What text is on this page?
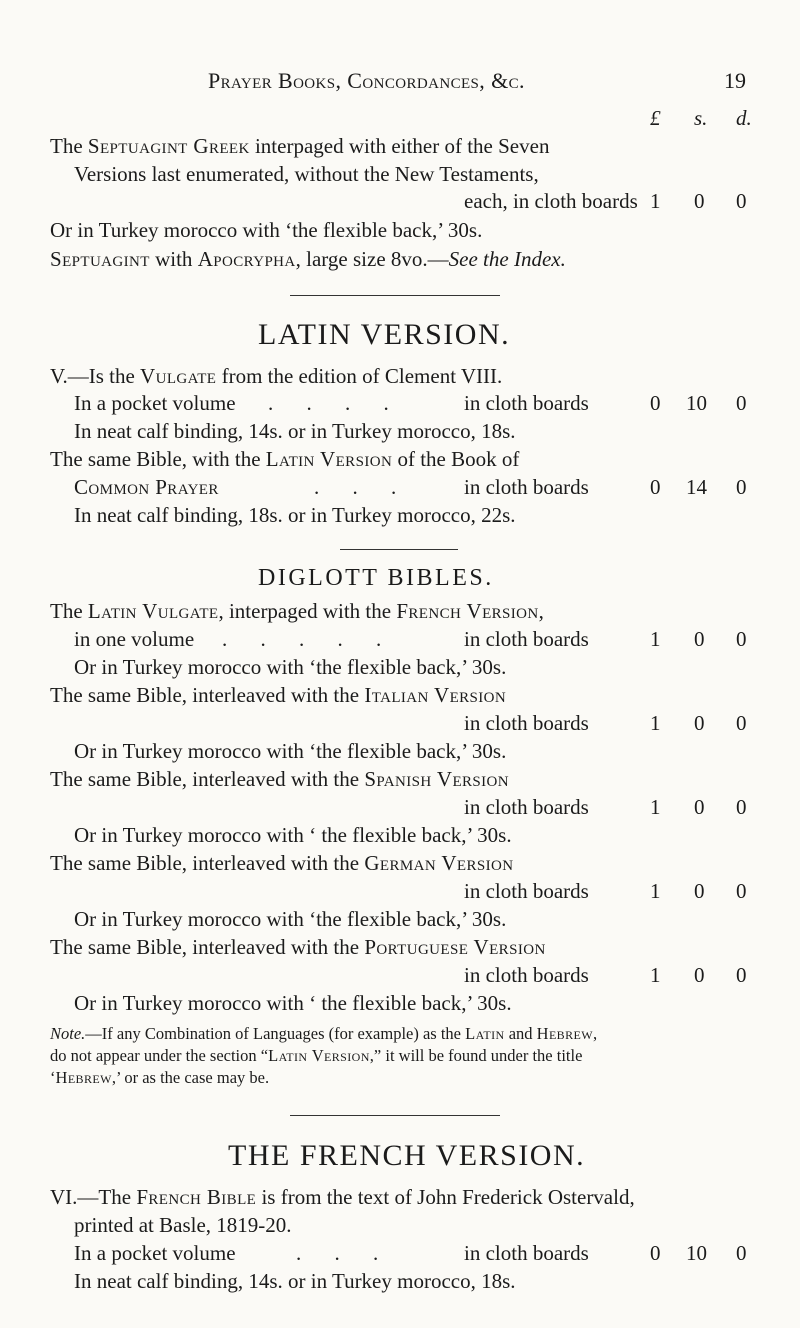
Prayer Books, Concordances, &c.	19
£ s. d.
The Septuagint Greek interpaged with either of the Seven
Versions last enumerated, without the New Testaments,
each, in cloth boards 1 0 0
Or in Turkey morocco with ‘the flexible back,’ 30s.
Septuagint with Apocrypha, large size 8vo.—See the Index.
LATIN VERSION.
V.—Is the Vulgate from the edition of Clement VIII.
In a pocket volume . . . .	in cloth boards	0 10 0
In neat calf binding, 14s. or in Turkey morocco, 18s.
The same Bible, with the Latin Version of the Book of
Common Prayer	. . .	in cloth boards	0 14 0
In neat calf binding, 18s. or in Turkey morocco, 22s.
DIGLOTT BIBLES.
The Latin Vulgate, interpaged with the French Version,
in one volume . . . . .	in cloth boards	1 0 0
Or in Turkey morocco with ‘the flexible back,’ 30s.
The same Bible, interleaved with the Italian Version
in cloth boards	1 0 0
Or in Turkey morocco with ‘the flexible back,’ 30s.
The same Bible, interleaved with the Spanish Version
in cloth boards	1 0 0
Or in Turkey morocco with ‘ the flexible back,’ 30s.
The same Bible, interleaved with the German Version
in cloth boards	1 0 0
Or in Turkey morocco with ‘the flexible back,’ 30s.
The same Bible, interleaved with the Portuguese Version
in cloth boards	1 0 0
Or in Turkey morocco with ‘ the flexible back,’ 30s.
Note.—If any Combination of Languages (for example) as the Latin and Hebrew,
do not appear under the section “Latin Version,” it will be found under the title
‘Hebrew,’ or as the case may be.
THE FRENCH VERSION.
VI.—The French Bible is from the text of John Frederick Ostervald,
printed at Basle, 1819-20.
In a pocket volume	. . .	in cloth boards	0 10 0
In neat calf binding, 14s. or in Turkey morocco, 18s.
